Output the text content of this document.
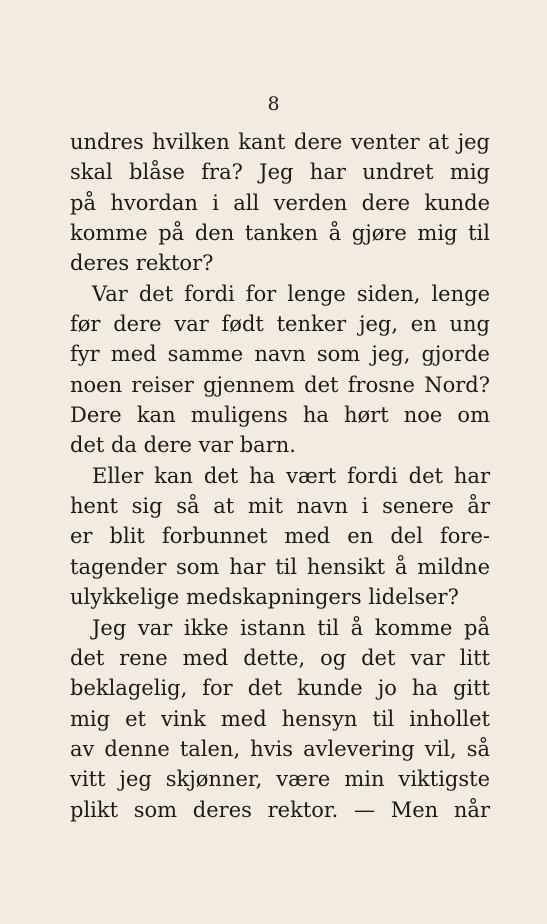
8
undres hvilken kant dere venter at jeg
skal blåse fra? Jeg har undret mig
på hvordan i all verden dere kunde
komme på den tanken å gjøre mig til
deres rektor?
Var det fordi for lenge siden, lenge
før dere var født tenker jeg, en ung
fyr med samme navn som jeg, gjorde
noen reiser gjennem det frosne Nord?
Dere kan muligens ha hørt noe om
det da dere var barn.
Eller kan det ha vært fordi det har
hent sig så at mit navn i senere år
er blit forbunnet med en del fore-
tagender som har til hensikt å mildne
ulykkelige medskapningers lidelser?
Jeg var ikke istann til å komme på
det rene med dette, og det var litt
beklagelig, for det kunde jo ha gitt
mig et vink med hensyn til inhollet
av denne talen, hvis avlevering vil, så
vitt jeg skjønner, være min viktigste
plikt som deres rektor. — Men når
